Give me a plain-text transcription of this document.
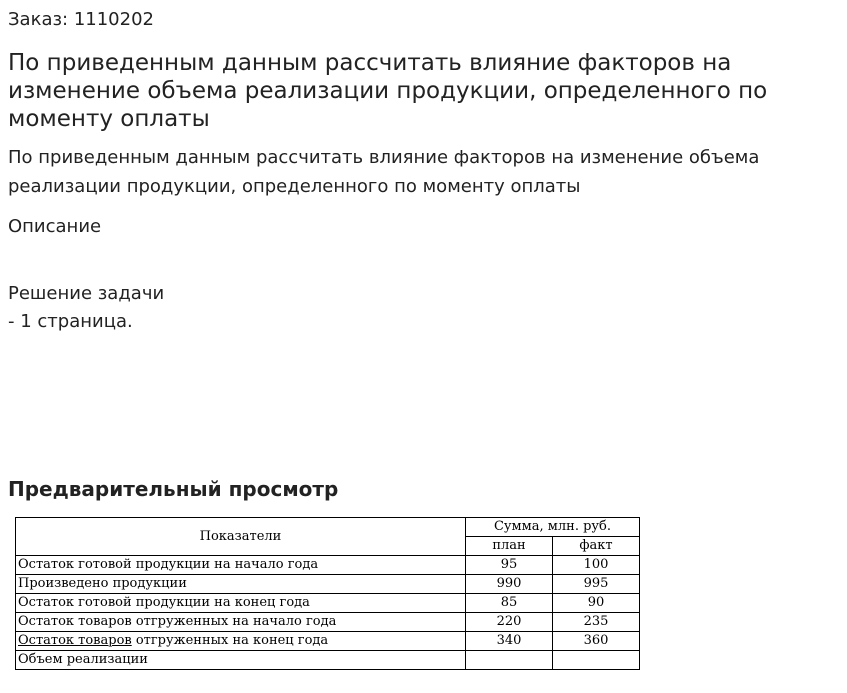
Заказ: 1110202

По приведенным данным рассчитать влияние факторов на изменение объема реализации продукции, определенного по моменту оплаты

По приведенным данным рассчитать влияние факторов на изменение объема реализации продукции, определенного по моменту оплаты

Описание

Решение задачи
- 1 страница.

Предварительный просмотр
Показатели	Сумма, млн. руб.	
	план	факт
Остаток готовой продукции на начало года	95	100
Произведено продукции	990	995
Остаток готовой продукции на конец года	85	90
Остаток товаров отгруженных на начало года	220	235
Остаток товаров отгруженных на конец года	340	360
Объем реализации		
